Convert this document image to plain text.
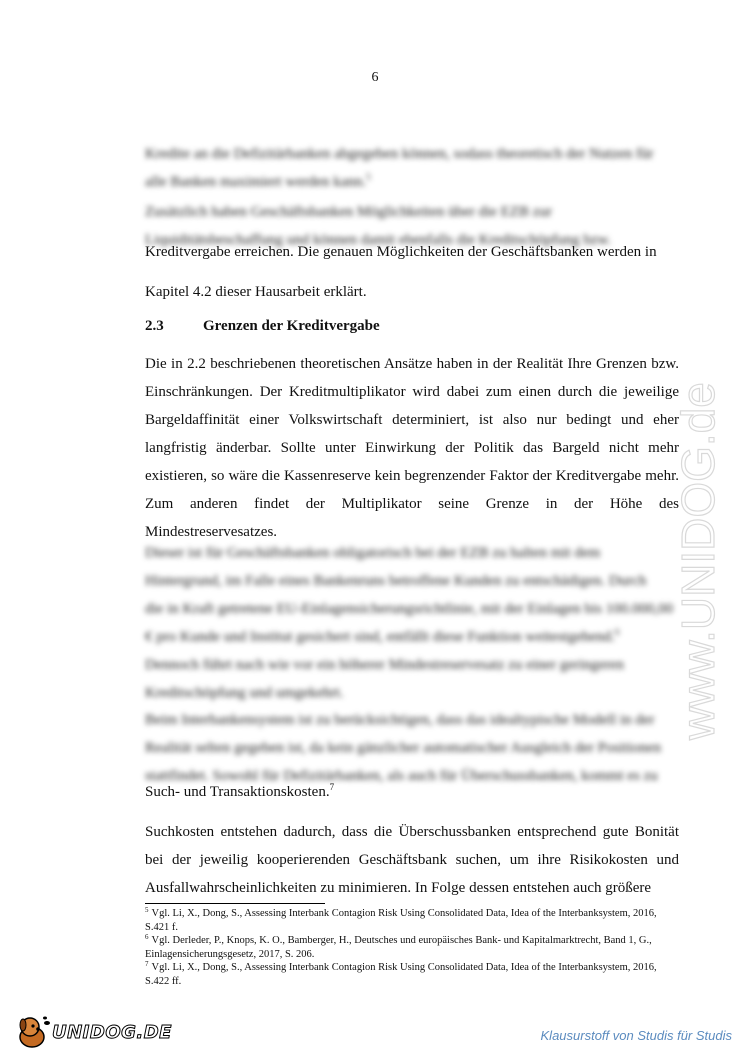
6

Kredite an die Defizitärbanken abgegeben können, sodass theoretisch der Nutzen für

alle Banken maximiert werden kann.$^5$

Zusätzlich haben Geschäftsbanken Möglichkeiten über die EZB zur

Liquiditätsbeschaffung und können damit ebenfalls die Kreditschöpfung bzw.

Kreditvergabe erreichen. Die genauen Möglichkeiten der Geschäftsbanken werden in

Kapitel 4.2 dieser Hausarbeit erklärt.

2.3	Grenzen der Kreditvergabe

Die in 2.2 beschriebenen theoretischen Ansätze haben in der Realität Ihre Grenzen bzw. Einschränkungen. Der Kreditmultiplikator wird dabei zum einen durch die jeweilige Bargeldaffinität einer Volkswirtschaft determiniert, ist also nur bedingt und eher langfristig änderbar. Sollte unter Einwirkung der Politik das Bargeld nicht mehr existieren, so wäre die Kassenreserve kein begrenzender Faktor der Kreditvergabe mehr. Zum anderen findet der Multiplikator seine Grenze in der Höhe des Mindestreservesatzes.

Dieser ist für Geschäftsbanken obligatorisch bei der EZB zu halten mit dem

Hintergrund, im Falle eines Bankenruns betroffene Kunden zu entschädigen. Durch

die in Kraft getretene EU-Einlagensicherungsrichtlinie, mit der Einlagen bis 100.000,00

€ pro Kunde und Institut gesichert sind, entfällt diese Funktion weitestgehend.$^6$

Dennoch führt nach wie vor ein höherer Mindestreservesatz zu einer geringeren

Kreditschöpfung und umgekehrt.

Beim Interbankensystem ist zu berücksichtigen, dass das idealtypische Modell in der

Realität selten gegeben ist, da kein gänzlicher automatischer Ausgleich der Positionen

stattfindet. Sowohl für Defizitärbanken, als auch für Überschussbanken, kommt es zu

Such- und Transaktionskosten.$^7$

Suchkosten entstehen dadurch, dass die Überschussbanken entsprechend gute Bonität bei der jeweilig kooperierenden Geschäftsbank suchen, um ihre Risikokosten und Ausfallwahrscheinlichkeiten zu minimieren. In Folge dessen entstehen auch größere

$^5$ Vgl. Li, X., Dong, S., Assessing Interbank Contagion Risk Using Consolidated Data, Idea of the Interbanksystem, 2016, S.421 f.
$^6$ Vgl. Derleder, P., Knops, K. O., Bamberger, H., Deutsches und europäisches Bank- und Kapitalmarktrecht, Band 1, G., Einlagensicherungsgesetz, 2017, S. 206.
$^7$ Vgl. Li, X., Dong, S., Assessing Interbank Contagion Risk Using Consolidated Data, Idea of the Interbanksystem, 2016, S.422 ff.
www.UNIDOG.de
UNIDOG.DE	Klausurstoff von Studis für Studis
